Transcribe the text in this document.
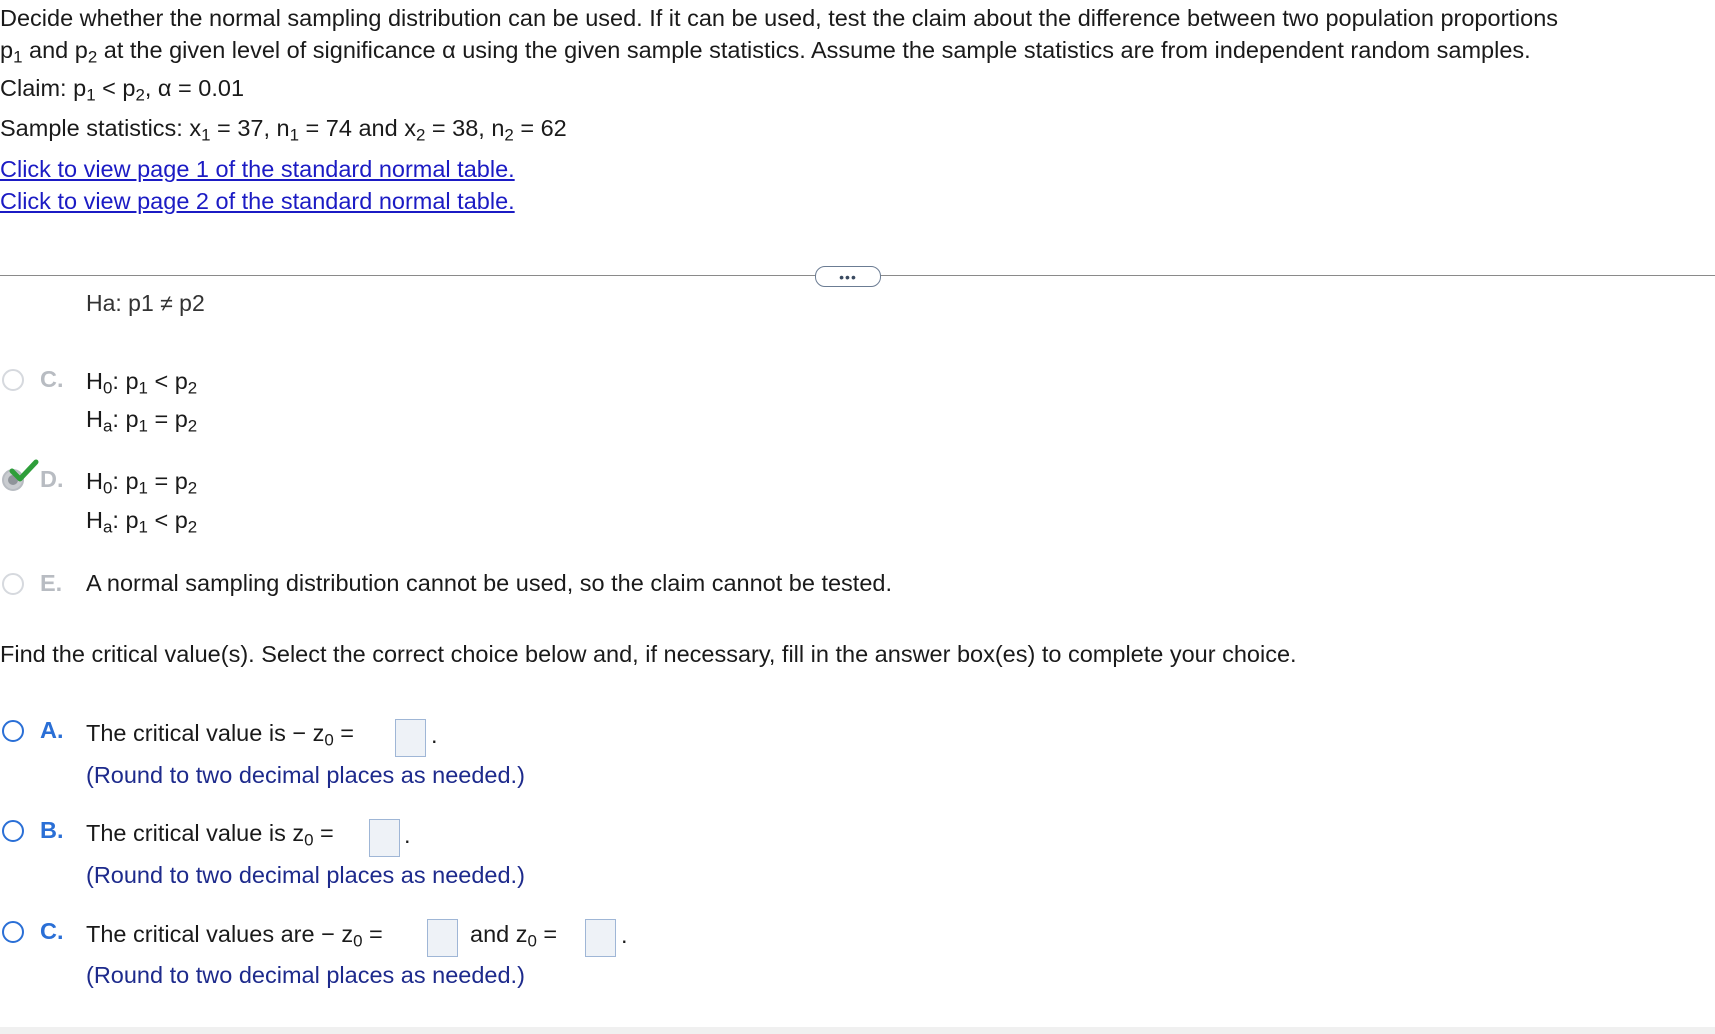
Decide whether the normal sampling distribution can be used. If it can be used, test the claim about the difference between two population proportions
$p_1$ and $p_2$ at the given level of significance α using the given sample statistics. Assume the sample statistics are from independent random samples.
Claim: $p_1 < p_2$, α = 0.01
Sample statistics: $x_1 = 37$, $n_1 = 74$ and $x_2 = 38$, $n_2 = 62$
Click to view page 1 of the standard normal table.
Click to view page 2 of the standard normal table.
•••
Ha: p1 ≠ p2
C. $H_0$: $p_1 < p_2$
$H_a$: $p_1 = p_2$
D. $H_0$: $p_1 = p_2$
$H_a$: $p_1 < p_2$
E. A normal sampling distribution cannot be used, so the claim cannot be tested.
Find the critical value(s). Select the correct choice below and, if necessary, fill in the answer box(es) to complete your choice.
A. The critical value is − $z_0$ =	.
(Round to two decimal places as needed.)
B. The critical value is $z_0$ =	.
(Round to two decimal places as needed.)
C. The critical values are − $z_0$ =	and $z_0$ =	.
(Round to two decimal places as needed.)
